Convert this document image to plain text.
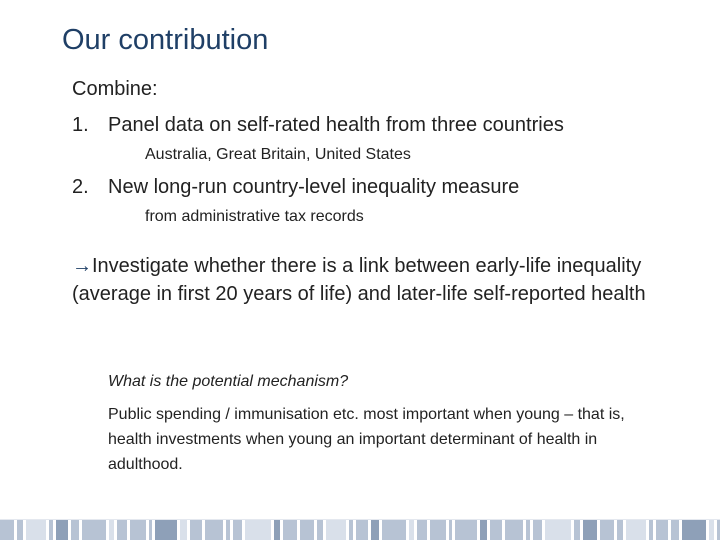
Our contribution
Combine:
1. Panel data on self-rated health from three countries
Australia, Great Britain, United States
2. New long-run country-level inequality measure
from administrative tax records
→Investigate whether there is a link between early-life inequality (average in first 20 years of life) and later-life self-reported health
What is the potential mechanism?
Public spending / immunisation etc. most important when young – that is, health investments when young an important determinant of health in adulthood.
